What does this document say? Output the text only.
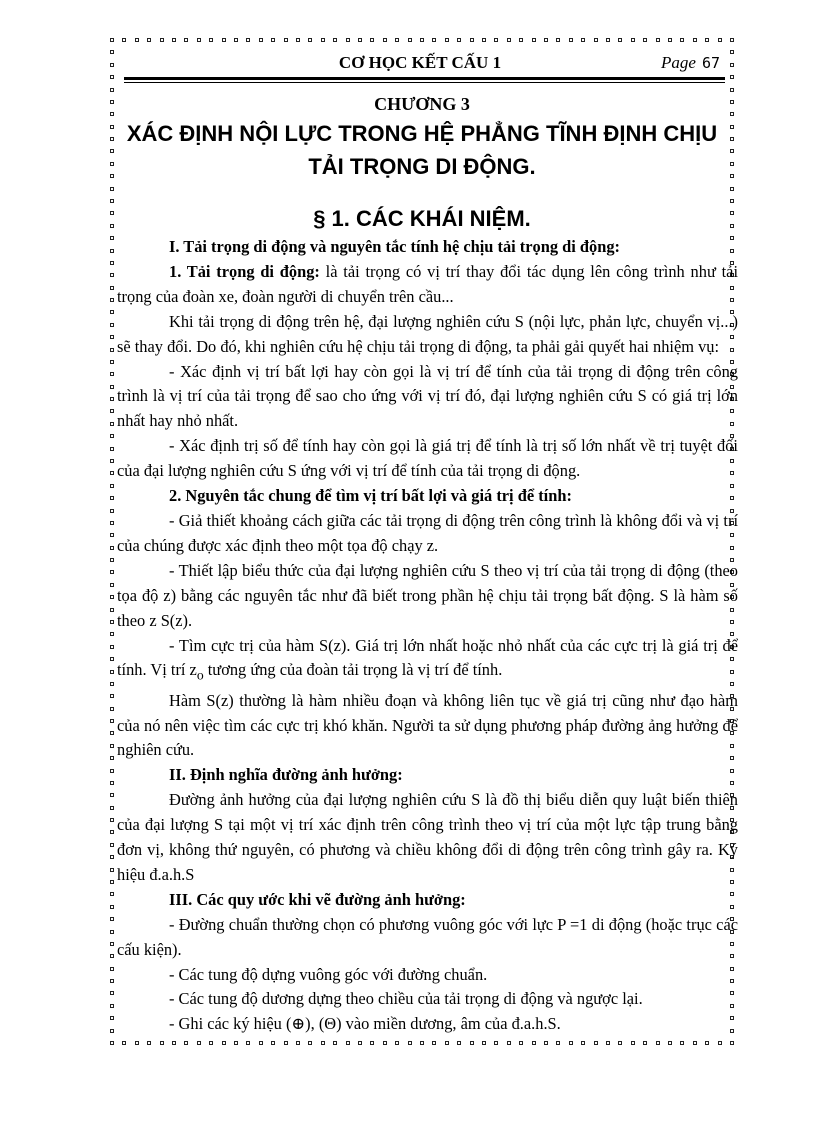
CƠ HỌC KẾT CẤU 1	Page 67
CHƯƠNG 3
XÁC ĐỊNH NỘI LỰC TRONG HỆ PHẲNG TĨNH ĐỊNH CHỊU
TẢI TRỌNG DI ĐỘNG.
§ 1. CÁC KHÁI NIỆM.

I. Tải trọng di động và nguyên tắc tính hệ chịu tải trọng di động:

1. Tải trọng di động: là tải trọng có vị trí thay đổi tác dụng lên công trình như tải trọng của đoàn xe, đoàn người di chuyển trên cầu...

Khi tải trọng di động trên hệ, đại lượng nghiên cứu S (nội lực, phản lực, chuyển vị...) sẽ thay đổi. Do đó, khi nghiên cứu hệ chịu tải trọng di động, ta phải gải quyết hai nhiệm vụ:

- Xác định vị trí bất lợi hay còn gọi là vị trí để tính của tải trọng di động trên công trình là vị trí của tải trọng để sao cho ứng với vị trí đó, đại lượng nghiên cứu S có giá trị lớn nhất hay nhỏ nhất.

- Xác định trị số để tính hay còn gọi là giá trị để tính là trị số lớn nhất về trị tuyệt đối của đại lượng nghiên cứu S ứng với vị trí để tính của tải trọng di động.

2. Nguyên tắc chung để tìm vị trí bất lợi và giá trị để tính:

- Giả thiết khoảng cách giữa các tải trọng di động trên công trình là không đổi và vị trí của chúng được xác định theo một tọa độ chạy z.

- Thiết lập biểu thức của đại lượng nghiên cứu S theo vị trí của tải trọng di động (theo tọa độ z) bằng các nguyên tắc như đã biết trong phần hệ chịu tải trọng bất động. S là hàm số theo z S(z).

- Tìm cực trị của hàm S(z). Giá trị lớn nhất hoặc nhỏ nhất của các cực trị là giá trị để tính. Vị trí $z_o$ tương ứng của đoàn tải trọng là vị trí để tính.

Hàm S(z) thường là hàm nhiều đoạn và không liên tục về giá trị cũng như đạo hàm của nó nên việc tìm các cực trị khó khăn. Người ta sử dụng phương pháp đường ảng hưởng để nghiên cứu.

II. Định nghĩa đường ảnh hưởng:

Đường ảnh hưởng của đại lượng nghiên cứu S là đồ thị biểu diễn quy luật biến thiên của đại lượng S tại một vị trí xác định trên công trình theo vị trí của một lực tập trung bằng đơn vị, không thứ nguyên, có phương và chiều không đổi di động trên công trình gây ra. Ký hiệu đ.a.h.S

III. Các quy ước khi vẽ đường ảnh hưởng:

- Đường chuẩn thường chọn có phương vuông góc với lực P =1 di động (hoặc trục các cấu kiện).

- Các tung độ dựng vuông góc với đường chuẩn.

- Các tung độ dương dựng theo chiều của tải trọng di động và ngược lại.

- Ghi các ký hiệu (⊕), (Θ) vào miền dương, âm của đ.a.h.S.
